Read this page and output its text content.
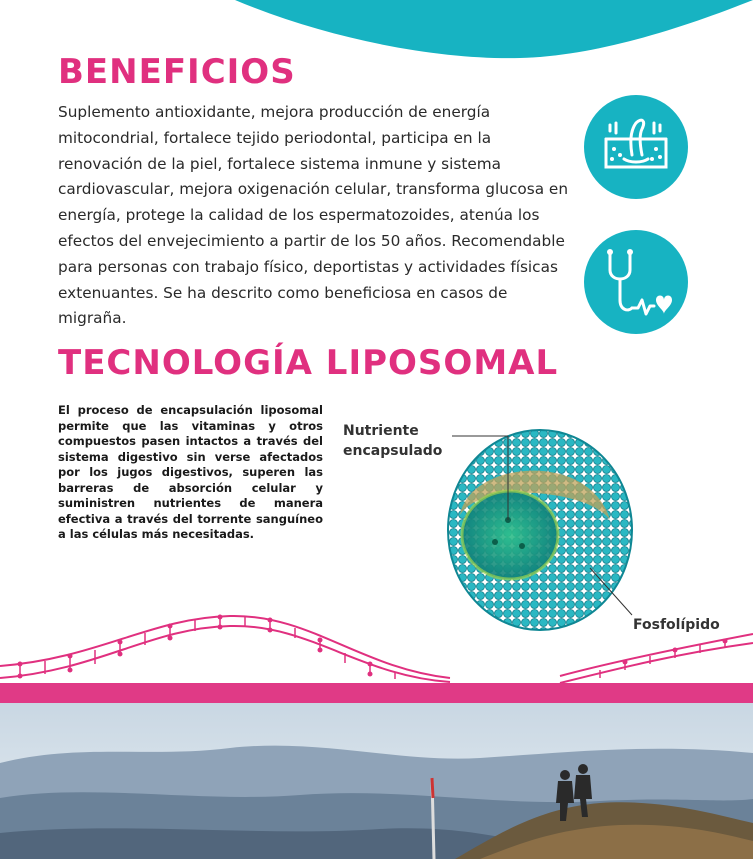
BENEFICIOS

Suplemento antioxidante, mejora producción de energía mitocondrial, fortalece tejido periodontal, participa en la renovación de la piel, fortalece sistema inmune y sistema cardiovascular, mejora oxigenación celular, transforma glucosa en energía, protege la calidad de los espermatozoides, atenúa los efectos del envejecimiento a partir de los 50 años. Recomendable para personas con trabajo físico, deportistas y actividades físicas extenuantes. Se ha descrito como beneficiosa en casos de migraña.

TECNOLOGÍA LIPOSOMAL

El proceso de encapsulación liposomal permite que las vitaminas y otros compuestos pasen intactos a través del sistema digestivo sin verse afectados por los jugos digestivos, superen las barreras de absorción celular y suministren nutrientes de manera efectiva a través del torrente sanguíneo a las células más necesitadas.

Nutriente encapsulado

Fosfolípido
